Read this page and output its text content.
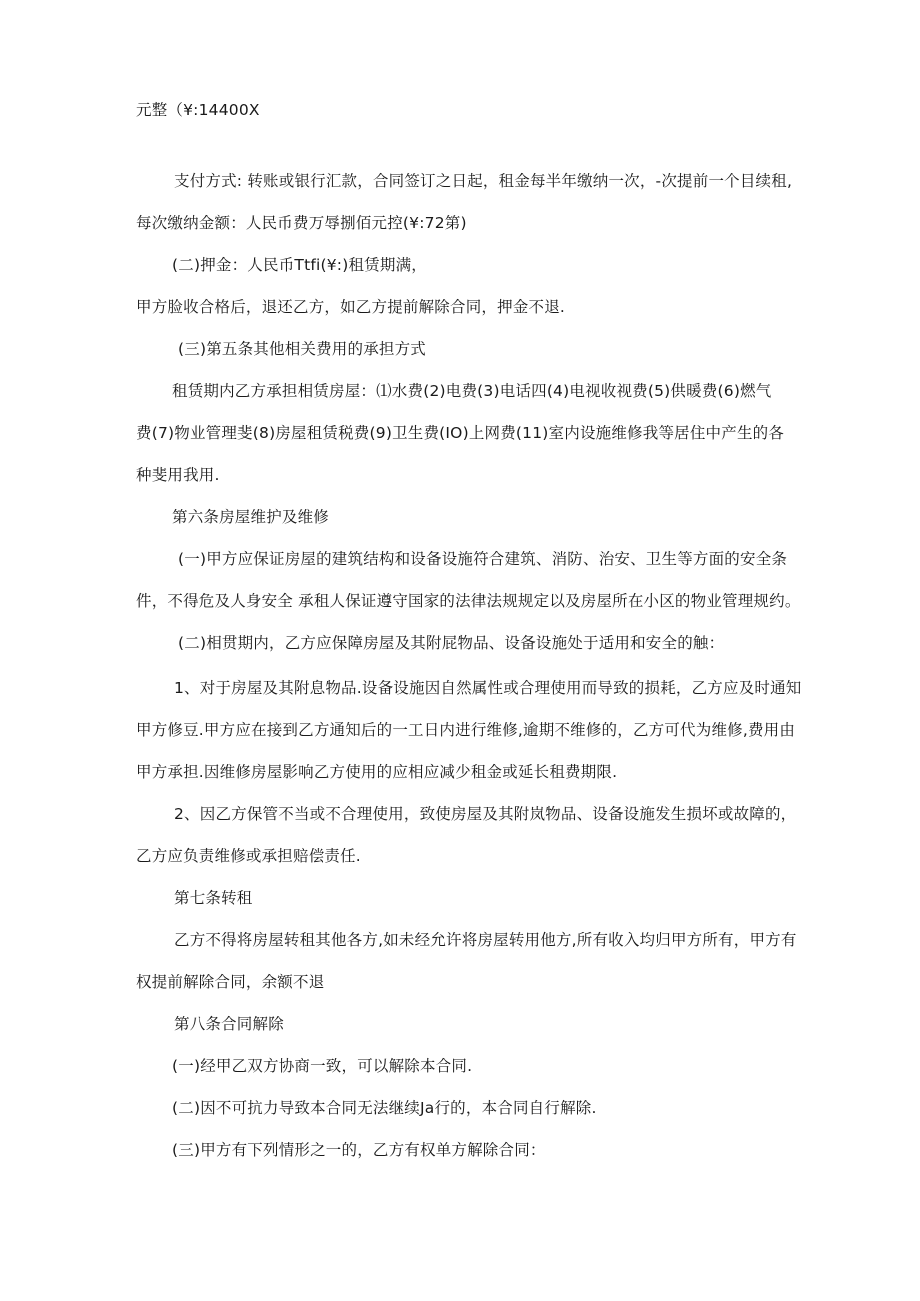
元整（¥:14400X
支付方式: 转账或银行汇款，合同签订之日起，租金每半年缴纳一次，-次提前一个目续租,
每次缴纳金额：人民币费万辱捌佰元控(¥:72第)
(二)押金：人民币Ttfi(¥:)租赁期满，
甲方脸收合格后，退还乙方，如乙方提前解除合同，押金不退.
(三)第五条其他相关费用的承担方式
租赁期内乙方承担相赁房屋：⑴水费(2)电费(3)电话四(4)电视收视费(5)供暖费(6)燃气
费(7)物业管理斐(8)房屋租赁税费(9)卫生费(IO)上网费(11)室内设施维修我等居住中产生的各
种斐用我用.
第六条房屋维护及维修
(一)甲方应保证房屋的建筑结构和设备设施符合建筑、消防、治安、卫生等方面的安全条
件，不得危及人身安全 承租人保证遵守国家的法律法规规定以及房屋所在小区的物业管理规约。
(二)相贯期内，乙方应保障房屋及其附屁物品、设备设施处于适用和安全的触：
1、对于房屋及其附息物品.设备设施因自然属性或合理使用而导致的损耗，乙方应及时通知
甲方修豆.甲方应在接到乙方通知后的一工日内进行维修,逾期不维修的，乙方可代为维修,费用由
甲方承担.因维修房屋影响乙方使用的应相应减少租金或延长租费期限.
2、因乙方保管不当或不合理使用，致使房屋及其附岚物品、设备设施发生损坏或故障的，
乙方应负责维修或承担赔偿责任.
第七条转租
乙方不得将房屋转租其他各方,如未经允许将房屋转用他方,所有收入均归甲方所有，甲方有
权提前解除合同，余额不退
第八条合同解除
(一)经甲乙双方协商一致，可以解除本合同.
(二)因不可抗力导致本合同无法继续Ja行的，本合同自行解除.
(三)甲方有下列情形之一的，乙方有权单方解除合同：
